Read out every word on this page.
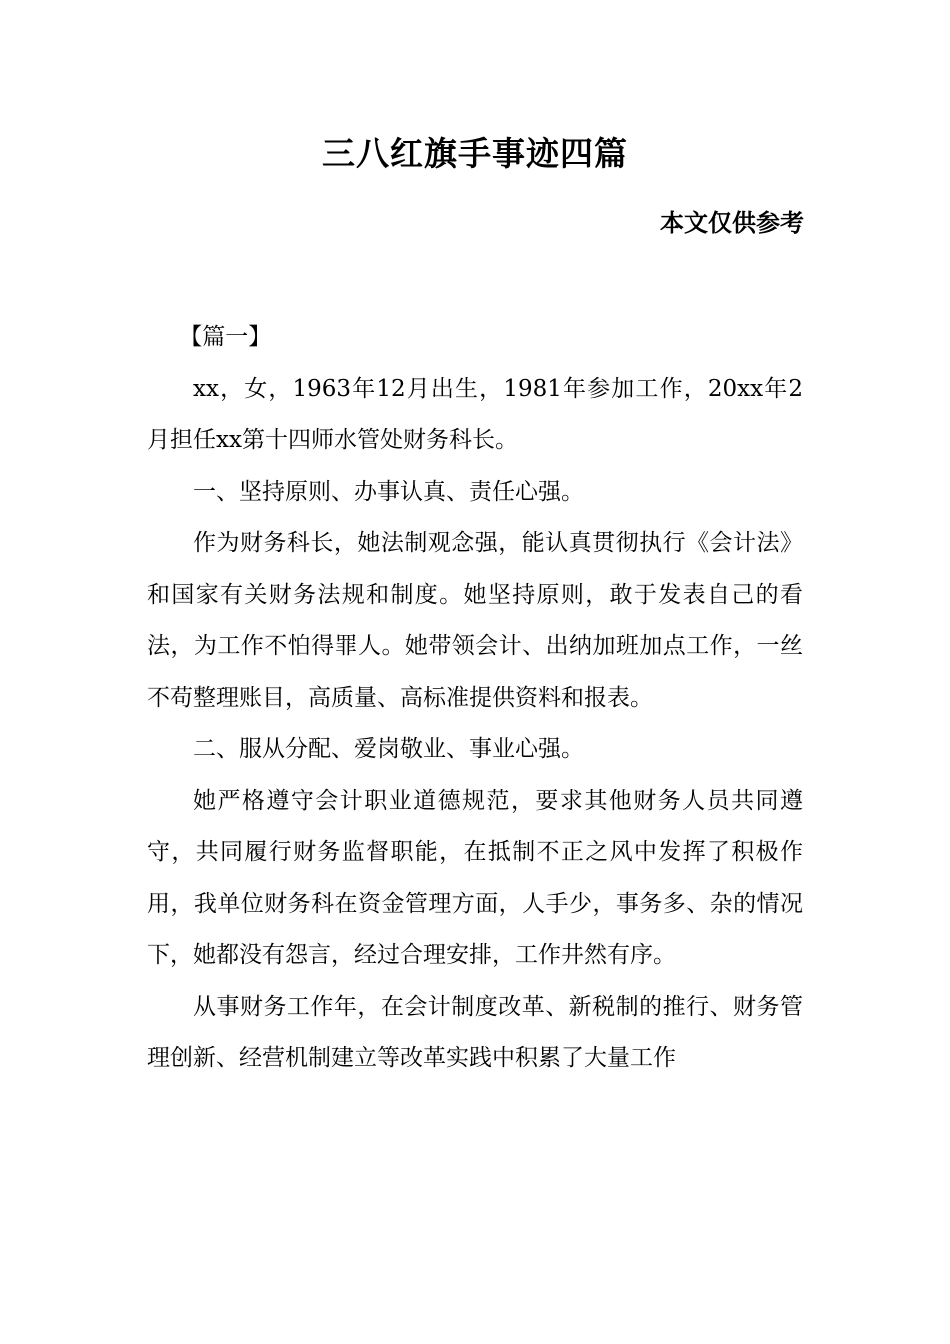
三八红旗手事迹四篇
本文仅供参考

【篇一】

xx，女，1963年12月出生，1981年参加工作，20xx年2月担任xx第十四师水管处财务科长。

一、坚持原则、办事认真、责任心强。

作为财务科长，她法制观念强，能认真贯彻执行《会计法》和国家有关财务法规和制度。她坚持原则，敢于发表自己的看法，为工作不怕得罪人。她带领会计、出纳加班加点工作，一丝不苟整理账目，高质量、高标准提供资料和报表。

二、服从分配、爱岗敬业、事业心强。

她严格遵守会计职业道德规范，要求其他财务人员共同遵守，共同履行财务监督职能，在抵制不正之风中发挥了积极作用，我单位财务科在资金管理方面，人手少，事务多、杂的情况下，她都没有怨言，经过合理安排，工作井然有序。

从事财务工作年，在会计制度改革、新税制的推行、财务管理创新、经营机制建立等改革实践中积累了大量工作
